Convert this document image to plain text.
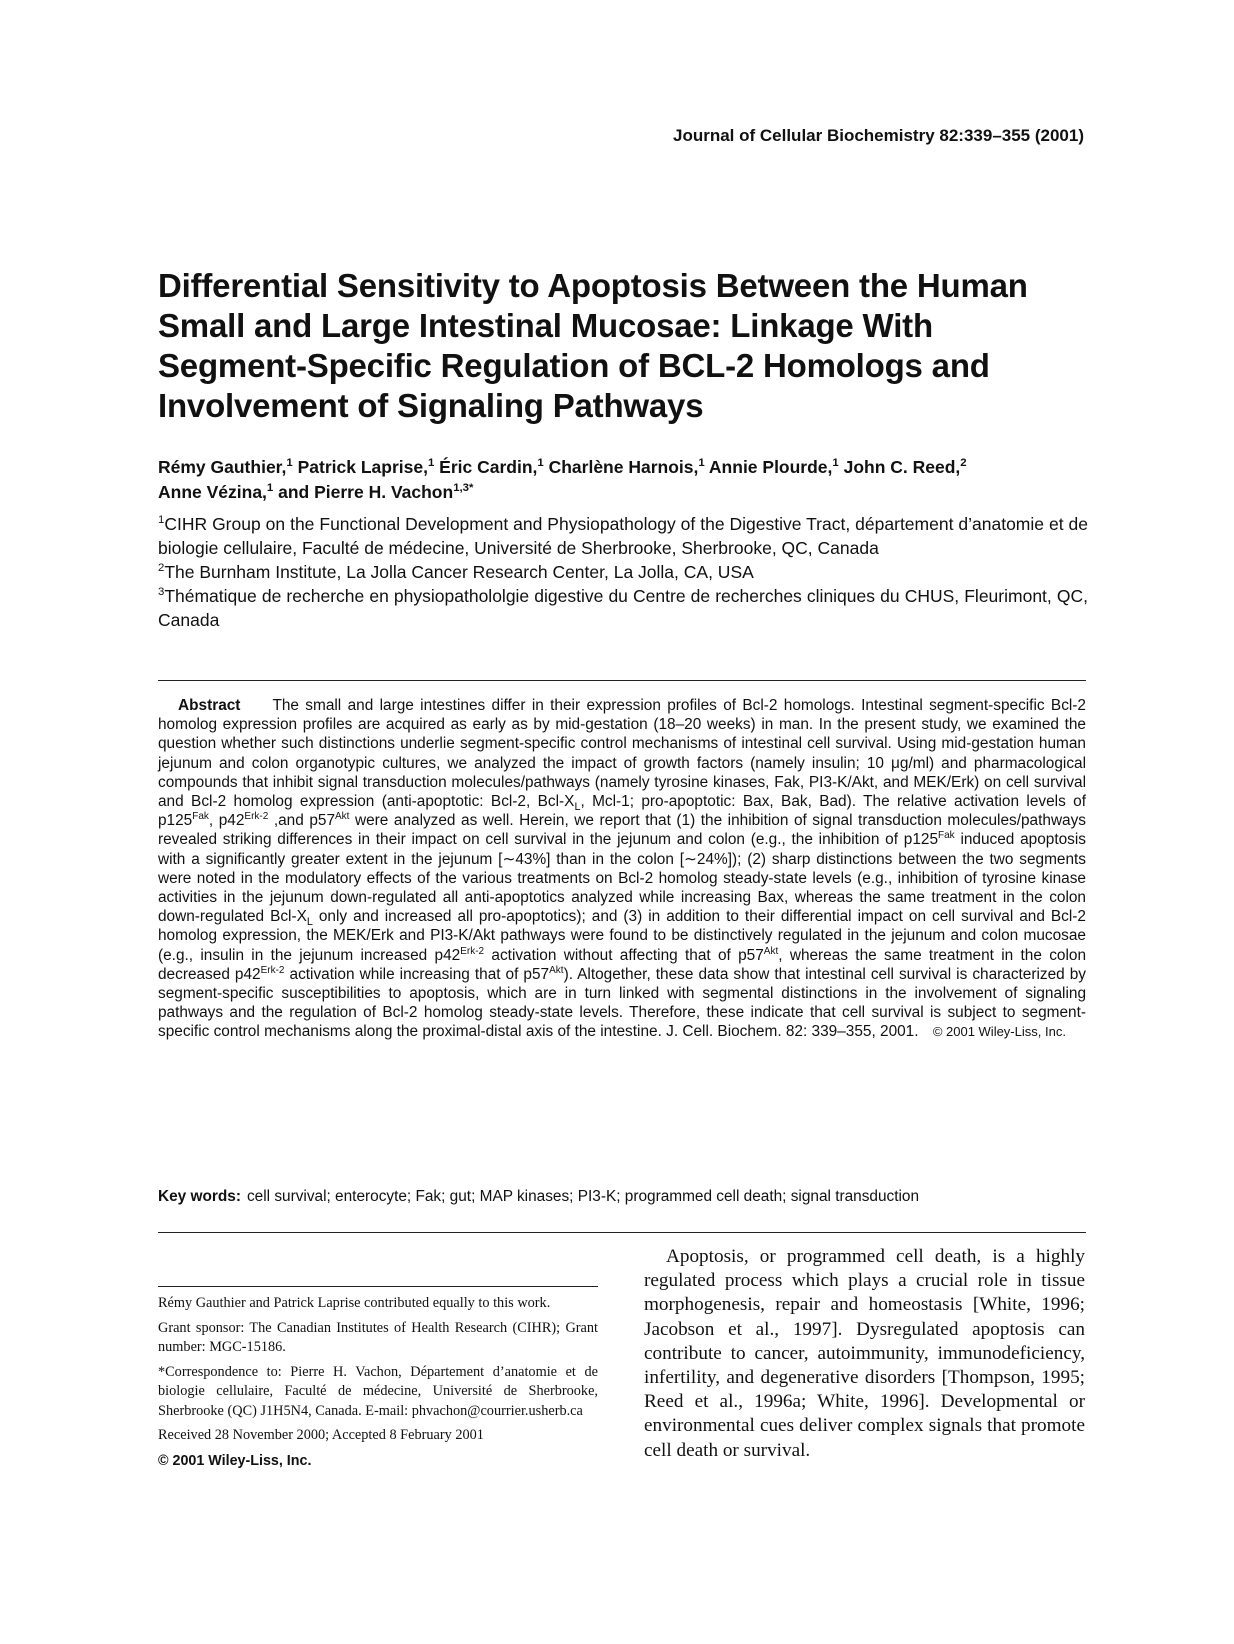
Journal of Cellular Biochemistry 82:339–355 (2001)
Differential Sensitivity to Apoptosis Between the Human Small and Large Intestinal Mucosae: Linkage With Segment-Specific Regulation of BCL-2 Homologs and Involvement of Signaling Pathways
Rémy Gauthier,$^1$ Patrick Laprise,$^1$ Éric Cardin,$^1$ Charlène Harnois,$^1$ Annie Plourde,$^1$ John C. Reed,$^2$
Anne Vézina,$^1$ and Pierre H. Vachon$^{1,3*}$

$^1$CIHR Group on the Functional Development and Physiopathology of the Digestive Tract, département d’anatomie et de biologie cellulaire, Faculté de médecine, Université de Sherbrooke, Sherbrooke, QC, Canada

$^2$The Burnham Institute, La Jolla Cancer Research Center, La Jolla, CA, USA

$^3$Thématique de recherche en physiopathololgie digestive du Centre de recherches cliniques du CHUS, Fleurimont, QC, Canada

Abstract The small and large intestines differ in their expression profiles of Bcl-2 homologs. Intestinal segment-specific Bcl-2 homolog expression profiles are acquired as early as by mid-gestation (18–20 weeks) in man. In the present study, we examined the question whether such distinctions underlie segment-specific control mechanisms of intestinal cell survival. Using mid-gestation human jejunum and colon organotypic cultures, we analyzed the impact of growth factors (namely insulin; 10 μg/ml) and pharmacological compounds that inhibit signal transduction molecules/pathways (namely tyrosine kinases, Fak, PI3-K/Akt, and MEK/Erk) on cell survival and Bcl-2 homolog expression (anti-apoptotic: Bcl-2, Bcl-$X_L$, Mcl-1; pro-apoptotic: Bax, Bak, Bad). The relative activation levels of $p125^{Fak}$, $p42^{Erk-2}$ ,and $p57^{Akt}$ were analyzed as well. Herein, we report that (1) the inhibition of signal transduction molecules/pathways revealed striking differences in their impact on cell survival in the jejunum and colon (e.g., the inhibition of $p125^{Fak}$ induced apoptosis with a significantly greater extent in the jejunum [∼43%] than in the colon [∼24%]); (2) sharp distinctions between the two segments were noted in the modulatory effects of the various treatments on Bcl-2 homolog steady-state levels (e.g., inhibition of tyrosine kinase activities in the jejunum down-regulated all anti-apoptotics analyzed while increasing Bax, whereas the same treatment in the colon down-regulated Bcl-$X_L$ only and increased all pro-apoptotics); and (3) in addition to their differential impact on cell survival and Bcl-2 homolog expression, the MEK/Erk and PI3-K/Akt pathways were found to be distinctively regulated in the jejunum and colon mucosae (e.g., insulin in the jejunum increased $p42^{Erk-2}$ activation without affecting that of $p57^{Akt}$, whereas the same treatment in the colon decreased $p42^{Erk-2}$ activation while increasing that of $p57^{Akt}$). Altogether, these data show that intestinal cell survival is characterized by segment-specific susceptibilities to apoptosis, which are in turn linked with segmental distinctions in the involvement of signaling pathways and the regulation of Bcl-2 homolog steady-state levels. Therefore, these indicate that cell survival is subject to segment-specific control mechanisms along the proximal-distal axis of the intestine. J. Cell. Biochem. 82: 339–355, 2001. © 2001 Wiley-Liss, Inc.

Key words: cell survival; enterocyte; Fak; gut; MAP kinases; PI3-K; programmed cell death; signal transduction

Rémy Gauthier and Patrick Laprise contributed equally to this work.

Grant sponsor: The Canadian Institutes of Health Research (CIHR); Grant number: MGC-15186.

*Correspondence to: Pierre H. Vachon, Département d’anatomie et de biologie cellulaire, Faculté de médecine, Université de Sherbrooke, Sherbrooke (QC) J1H5N4, Canada. E-mail: phvachon@courrier.usherb.ca

Received 28 November 2000; Accepted 8 February 2001

© 2001 Wiley-Liss, Inc.

Apoptosis, or programmed cell death, is a highly regulated process which plays a crucial role in tissue morphogenesis, repair and homeostasis [White, 1996; Jacobson et al., 1997]. Dysregulated apoptosis can contribute to cancer, autoimmunity, immunodeficiency, infertility, and degenerative disorders [Thompson, 1995; Reed et al., 1996a; White, 1996]. Developmental or environmental cues deliver complex signals that promote cell death or survival.
